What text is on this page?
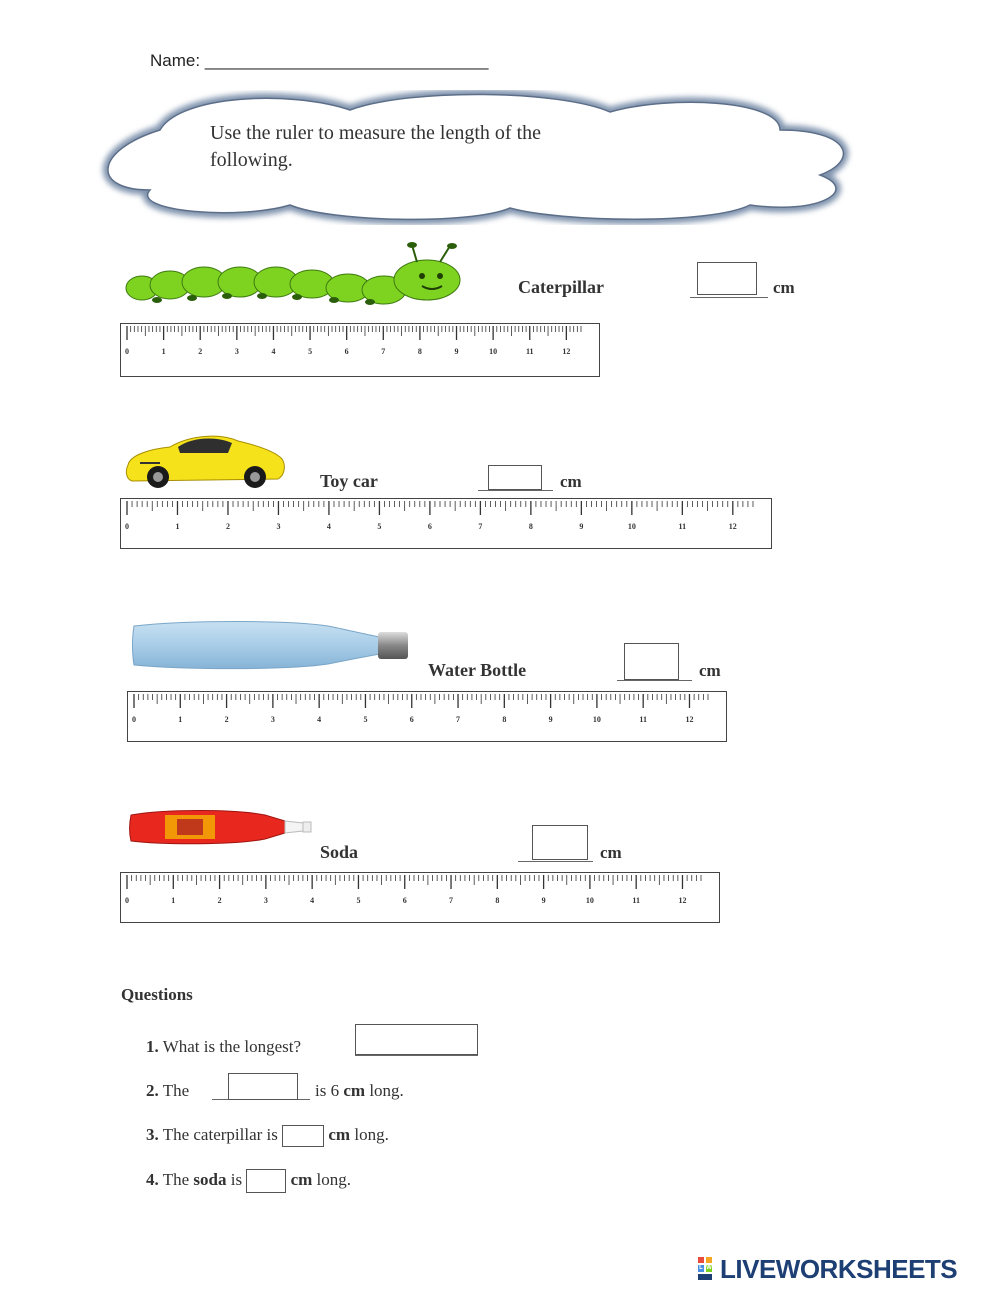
Name: ______________________________
Use the ruler to measure the length of the
following.
Caterpillar	cm
0	1	2	3	4	5	6	7	8	9	10	11	12
Toy car	cm
0	1	2	3	4	5	6	7	8	9	10	11	12
Water Bottle	cm
0	1	2	3	4	5	6	7	8	9	10	11	12
Soda	cm
0	1	2	3	4	5	6	7	8	9	10	11	12
Questions
1. What is the longest?
2. The	is 6 cm long.
3. The caterpillar is	cm long.
4. The soda is	cm long.
L W LIVEWORKSHEETS
